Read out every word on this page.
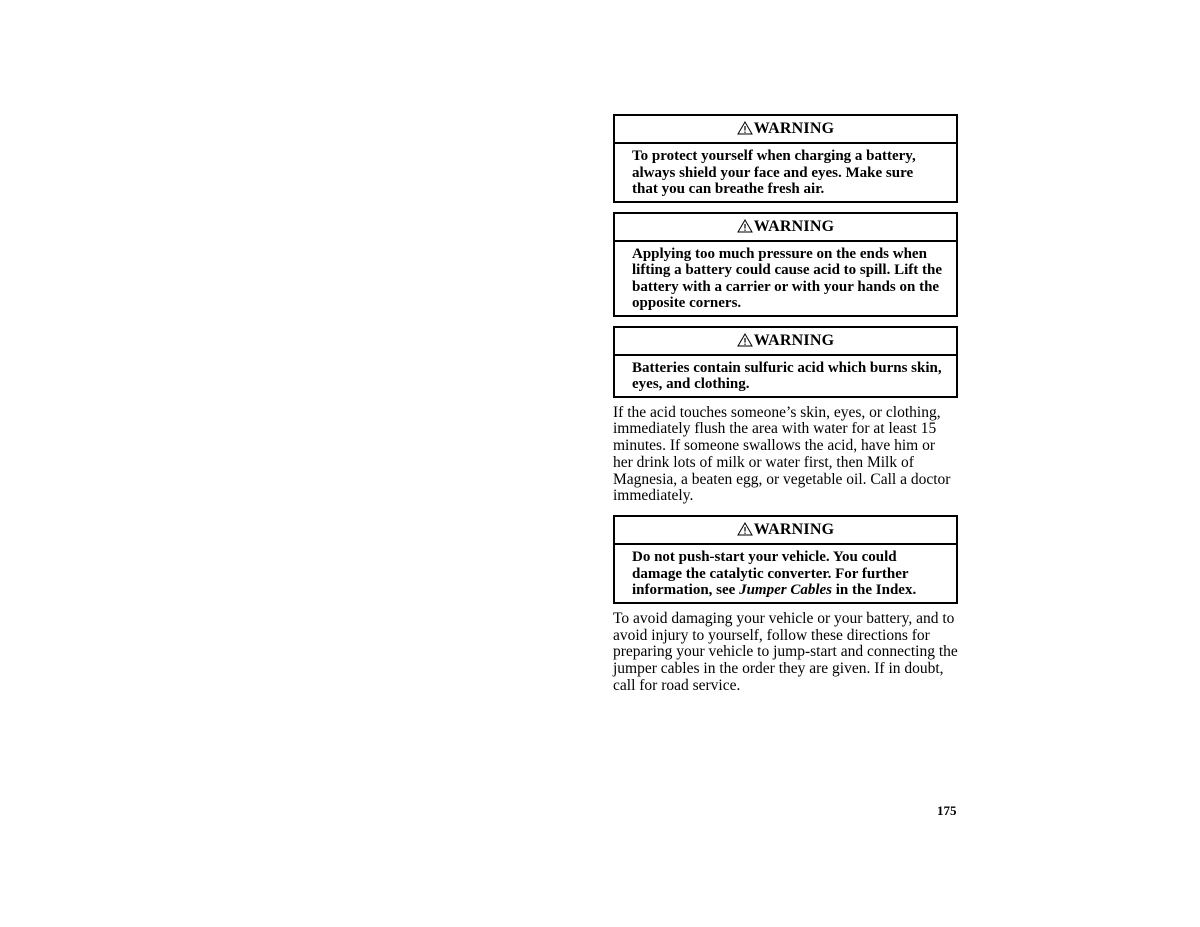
WARNING
To protect yourself when charging a battery, always shield your face and eyes. Make sure that you can breathe fresh air.
WARNING
Applying too much pressure on the ends when lifting a battery could cause acid to spill. Lift the battery with a carrier or with your hands on the opposite corners.
WARNING
Batteries contain sulfuric acid which burns skin, eyes, and clothing.

If the acid touches someone’s skin, eyes, or clothing, immediately flush the area with water for at least 15 minutes. If someone swallows the acid, have him or her drink lots of milk or water first, then Milk of Magnesia, a beaten egg, or vegetable oil. Call a doctor immediately.

WARNING
Do not push-start your vehicle. You could damage the catalytic converter. For further information, see Jumper Cables in the Index.

To avoid damaging your vehicle or your battery, and to avoid injury to yourself, follow these directions for preparing your vehicle to jump-start and connecting the jumper cables in the order they are given. If in doubt, call for road service.

175
